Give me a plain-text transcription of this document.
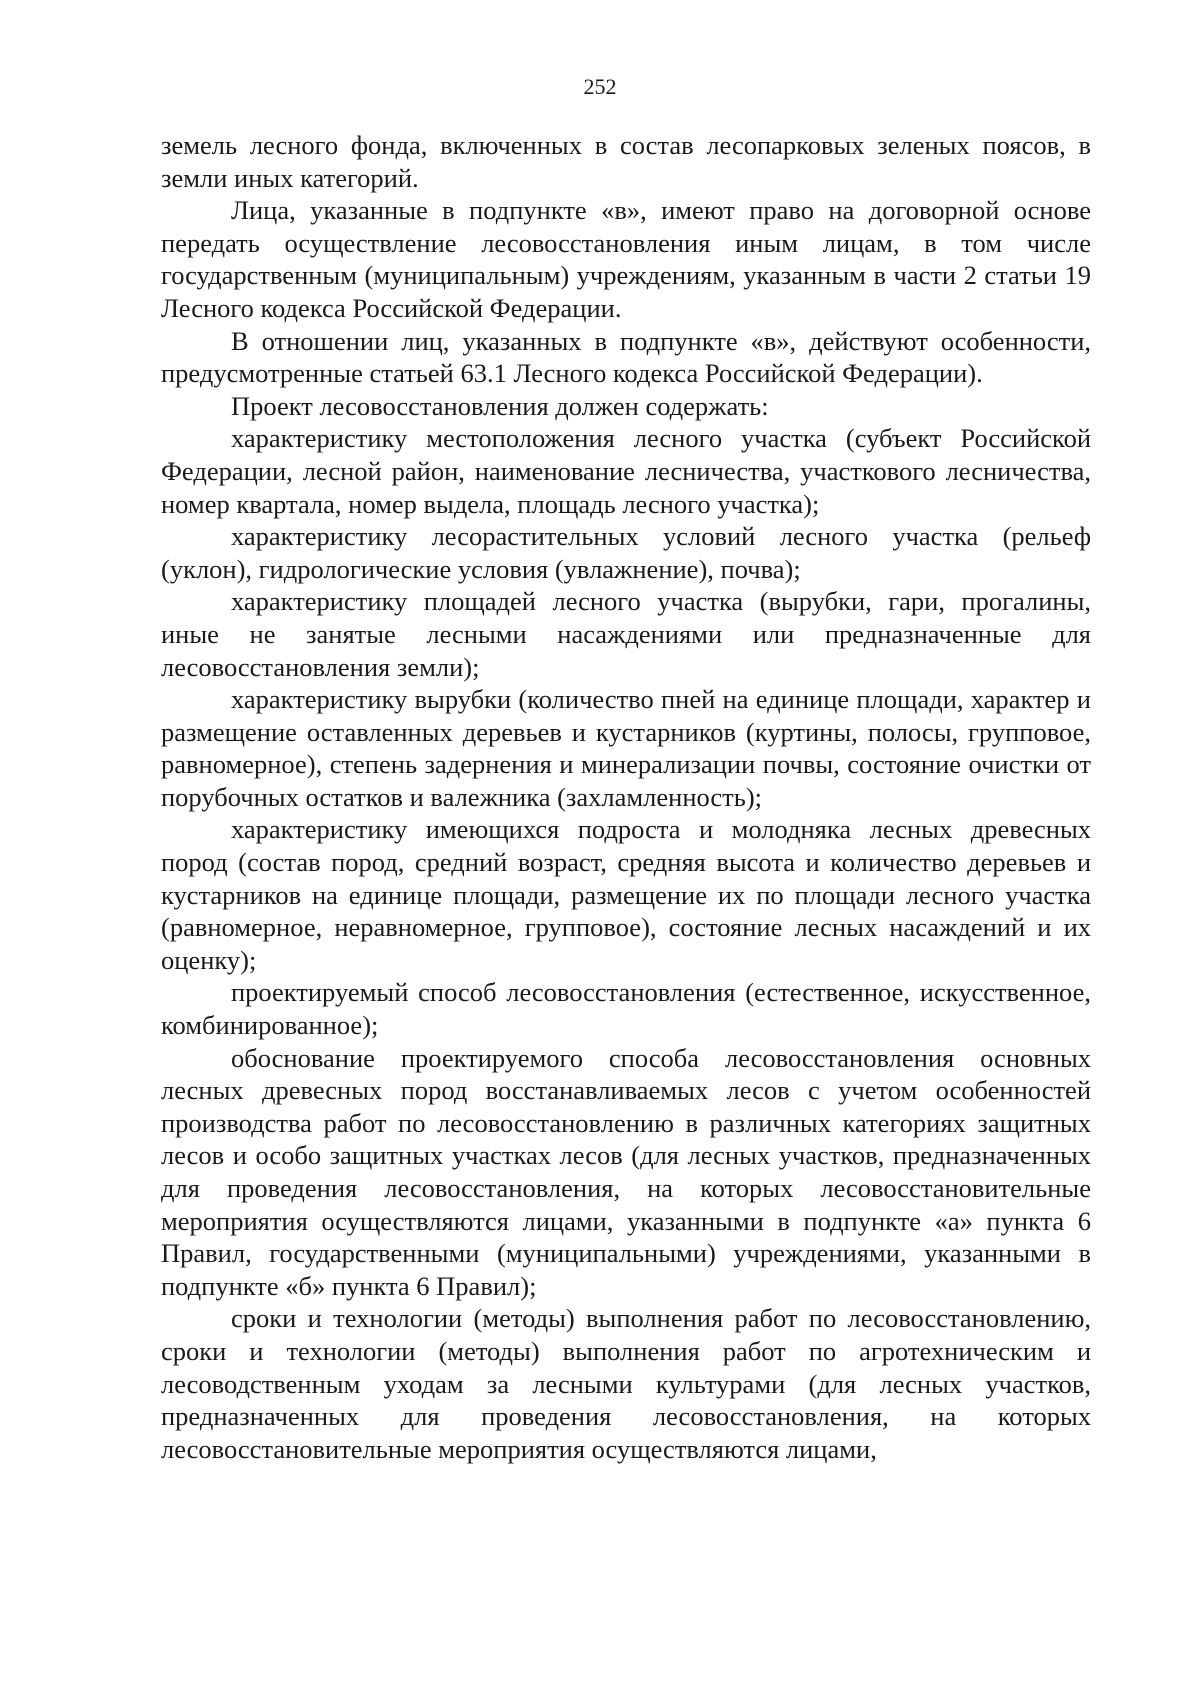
252

земель лесного фонда, включенных в состав лесопарковых зеленых поясов, в земли иных категорий.

Лица, указанные в подпункте «в», имеют право на договорной основе передать осуществление лесовосстановления иным лицам, в том числе государственным (муниципальным) учреждениям, указанным в части 2 статьи 19 Лесного кодекса Российской Федерации.

В отношении лиц, указанных в подпункте «в», действуют особенности, предусмотренные статьей 63.1 Лесного кодекса Российской Федерации).

Проект лесовосстановления должен содержать:

характеристику местоположения лесного участка (субъект Российской Федерации, лесной район, наименование лесничества, участкового лесничества, номер квартала, номер выдела, площадь лесного участка);

характеристику лесорастительных условий лесного участка (рельеф (уклон), гидрологические условия (увлажнение), почва);

характеристику площадей лесного участка (вырубки, гари, прогалины, иные не занятые лесными насаждениями или предназначенные для лесовосстановления земли);

характеристику вырубки (количество пней на единице площади, характер и размещение оставленных деревьев и кустарников (куртины, полосы, групповое, равномерное), степень задернения и минерализации почвы, состояние очистки от порубочных остатков и валежника (захламленность);

характеристику имеющихся подроста и молодняка лесных древесных пород (состав пород, средний возраст, средняя высота и количество деревьев и кустарников на единице площади, размещение их по площади лесного участка (равномерное, неравномерное, групповое), состояние лесных насаждений и их оценку);

проектируемый способ лесовосстановления (естественное, искусственное, комбинированное);

обоснование проектируемого способа лесовосстановления основных лесных древесных пород восстанавливаемых лесов с учетом особенностей производства работ по лесовосстановлению в различных категориях защитных лесов и особо защитных участках лесов (для лесных участков, предназначенных для проведения лесовосстановления, на которых лесовосстановительные мероприятия осуществляются лицами, указанными в подпункте «а» пункта 6 Правил, государственными (муниципальными) учреждениями, указанными в подпункте «б» пункта 6 Правил);

сроки и технологии (методы) выполнения работ по лесовосстановлению, сроки и технологии (методы) выполнения работ по агротехническим и лесоводственным уходам за лесными культурами (для лесных участков, предназначенных для проведения лесовосстановления, на которых лесовосстановительные мероприятия осуществляются лицами,
